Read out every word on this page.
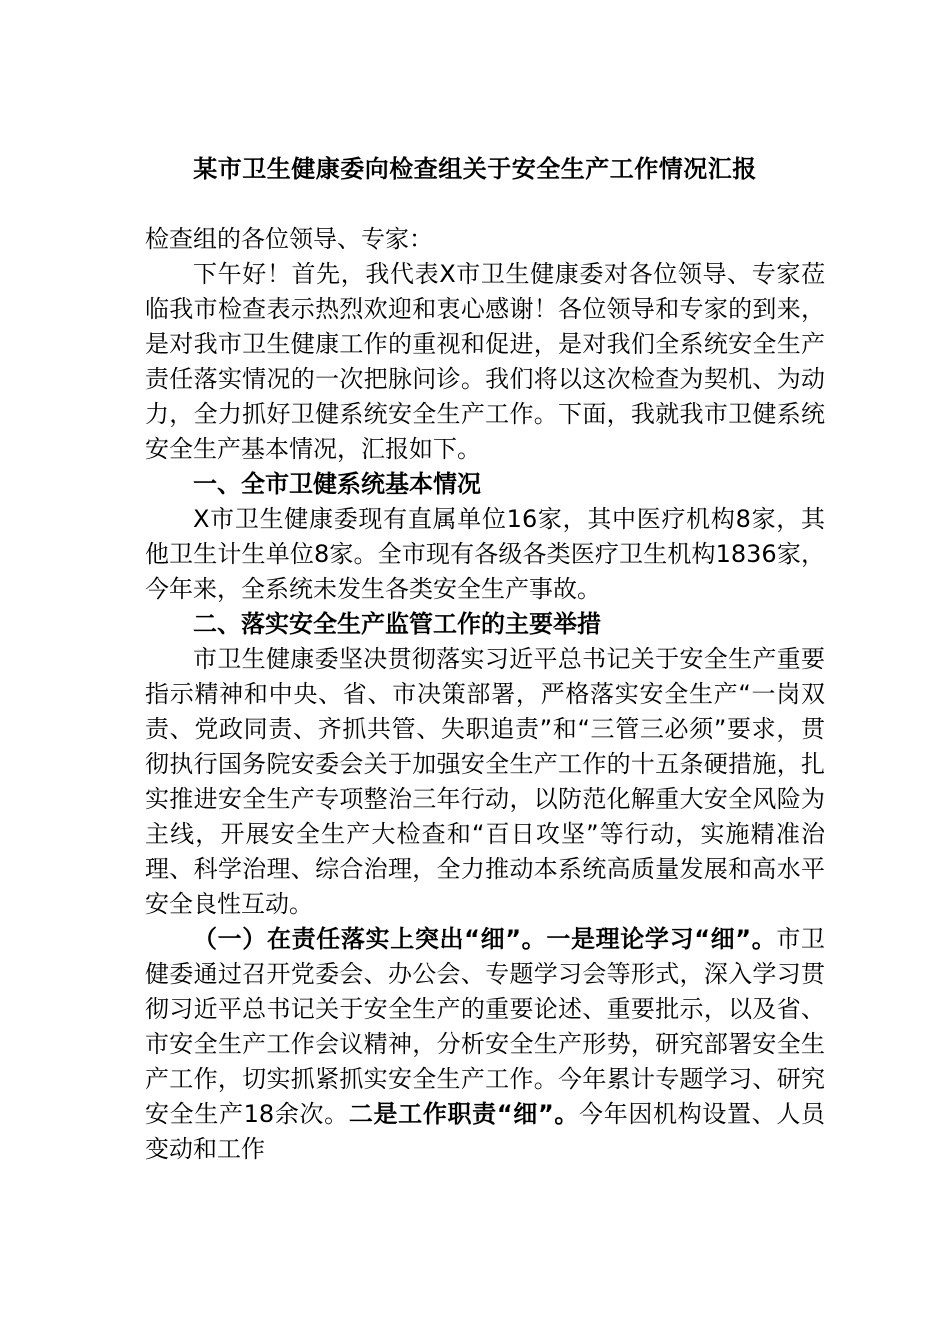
某市卫生健康委向检查组关于安全生产工作情况汇报

检查组的各位领导、专家：

下午好！首先，我代表X市卫生健康委对各位领导、专家莅临我市检查表示热烈欢迎和衷心感谢！各位领导和专家的到来，是对我市卫生健康工作的重视和促进，是对我们全系统安全生产责任落实情况的一次把脉问诊。我们将以这次检查为契机、为动力，全力抓好卫健系统安全生产工作。下面，我就我市卫健系统安全生产基本情况，汇报如下。

一、全市卫健系统基本情况

X市卫生健康委现有直属单位16家，其中医疗机构8家，其他卫生计生单位8家。全市现有各级各类医疗卫生机构1836家，今年来，全系统未发生各类安全生产事故。

二、落实安全生产监管工作的主要举措

市卫生健康委坚决贯彻落实习近平总书记关于安全生产重要指示精神和中央、省、市决策部署，严格落实安全生产“一岗双责、党政同责、齐抓共管、失职追责”和“三管三必须”要求，贯彻执行国务院安委会关于加强安全生产工作的十五条硬措施，扎实推进安全生产专项整治三年行动，以防范化解重大安全风险为主线，开展安全生产大检查和“百日攻坚”等行动，实施精准治理、科学治理、综合治理，全力推动本系统高质量发展和高水平安全良性互动。

（一）在责任落实上突出“细”。一是理论学习“细”。市卫健委通过召开党委会、办公会、专题学习会等形式，深入学习贯彻习近平总书记关于安全生产的重要论述、重要批示，以及省、市安全生产工作会议精神，分析安全生产形势，研究部署安全生产工作，切实抓紧抓实安全生产工作。今年累计专题学习、研究安全生产18余次。二是工作职责“细”。今年因机构设置、人员变动和工作
